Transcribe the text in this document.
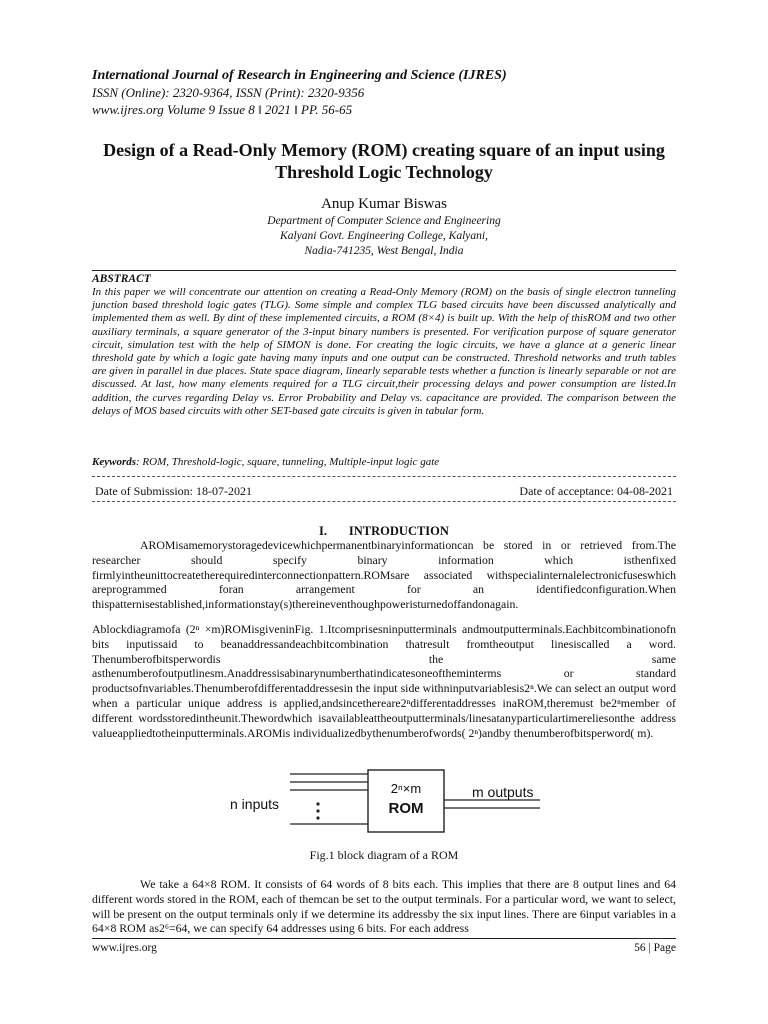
International Journal of Research in Engineering and Science (IJRES)
ISSN (Online): 2320-9364, ISSN (Print): 2320-9356
www.ijres.org Volume 9 Issue 8 ǁ 2021 ǁ PP. 56-65
Design of a Read-Only Memory (ROM) creating square of an input using Threshold Logic Technology
Anup Kumar Biswas
Department of Computer Science and Engineering
Kalyani Govt. Engineering College, Kalyani,
Nadia-741235, West Bengal, India
ABSTRACT
In this paper we will concentrate our attention on creating a Read-Only Memory (ROM) on the basis of single electron tunneling junction based threshold logic gates (TLG). Some simple and complex TLG based circuits have been discussed analytically and implemented them as well. By dint of these implemented circuits, a ROM (8×4) is built up. With the help of thisROM and two other auxiliary terminals, a square generator of the 3-input binary numbers is presented. For verification purpose of square generator circuit, simulation test with the help of SIMON is done. For creating the logic circuits, we have a glance at a generic linear threshold gate by which a logic gate having many inputs and one output can be constructed. Threshold networks and truth tables are given in parallel in due places. State space diagram, linearly separable tests whether a function is linearly separable or not are discussed. At last, how many elements required for a TLG circuit,their processing delays and power consumption are listed.In addition, the curves regarding Delay vs. Error Probability and Delay vs. capacitance are provided. The comparison between the delays of MOS based circuits with other SET-based gate circuits is given in tabular form.
Keywords: ROM, Threshold-logic, square, tunneling, Multiple-input logic gate
Date of Submission: 18-07-2021	Date of acceptance: 04-08-2021
I.       INTRODUCTION
AROMisamemorystoragedevicewhichpermanentbinaryinformationcan be stored in or retrieved from.The researcher should specify binary information which isthenfixed firmlyintheunittocreatetherequiredinterconnectionpattern.ROMsare associated withspecialinternalelectronicfuseswhich areprogrammed foran arrangement for an identifiedconfiguration.When thispatternisestablished,informationstay(s)thereineventhoughpoweristurnedoffandonagain.
Ablockdiagramofa (2ⁿ ×m)ROMisgiveninFig. 1.Itcomprisesninputterminals andmoutputterminals.Eachbitcombinationofn bits inputissaid to beanaddressandeachbitcombination thatresult fromtheoutput linesiscalled a word. Thenumberofbitsperwordis the same asthenumberofoutputlinesm.Anaddressisabinarynumberthatindicatesoneoftheminterms or standard productsofnvariables.Thenumberofdifferentaddressesin the input side withninputvariablesis2ⁿ.We can select an output word when a particular unique address is applied,andsincethereare2ⁿdifferentaddresses inaROM,theremust be2ⁿmember of different wordsstoredintheunit.Thewordwhich isavailableattheoutputterminals/linesatanyparticulartimereliesonthe address valueappliedtotheinputterminals.AROMis individualizedbythenumberofwords( 2ⁿ)andby thenumberofbitsperword( m).
n inputs
2ⁿ×m
ROM
m outputs
Fig.1 block diagram of a ROM
We take a 64×8 ROM. It consists of 64 words of 8 bits each. This implies that there are 8 output lines and 64 different words stored in the ROM, each of themcan be set to the output terminals. For a particular word, we want to select, will be present on the output terminals only if we determine its addressby the six input lines. There are 6input variables in a 64×8 ROM as2⁶=64, we can specify 64 addresses using 6 bits. For each address
www.ijres.org	56 | Page
